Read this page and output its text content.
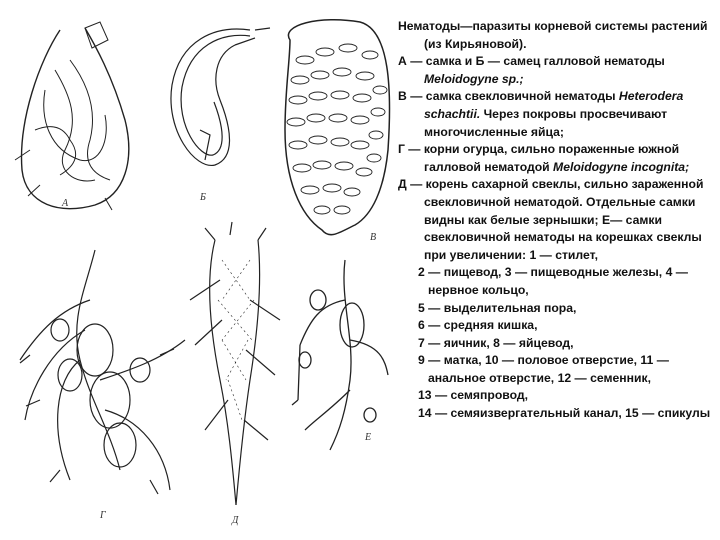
А
Б
В
Г	Д
Е

Нематоды—паразиты корневой системы растений (из Кирьяновой).

А — самка и Б — самец галловой нематоды Meloidogyne sp.;

В — самка свекловичной нематоды Heterodera schachtii. Через покровы просвечивают многочисленные яйца;

Г — корни огурца, сильно пораженные южной галловой нематодой Meloidogyne incognita;

Д — корень сахарной свеклы, сильно зараженной свекловичной нематодой. Отдельные самки видны как белые зернышки; Е— самки свекловичной нематоды на корешках свеклы при увеличении: 1 — стилет,

2 — пищевод, 3 — пищеводные железы, 4 — нервное кольцо,

5 — выделительная пора,

6 — средняя кишка,

7 — яичник, 8 — яйцевод,

9 — матка, 10 — половое отверстие, 11 — анальное отверстие, 12 — семенник,

13 — семяпровод,

14 — семяизвергательный канал, 15 — спикулы
